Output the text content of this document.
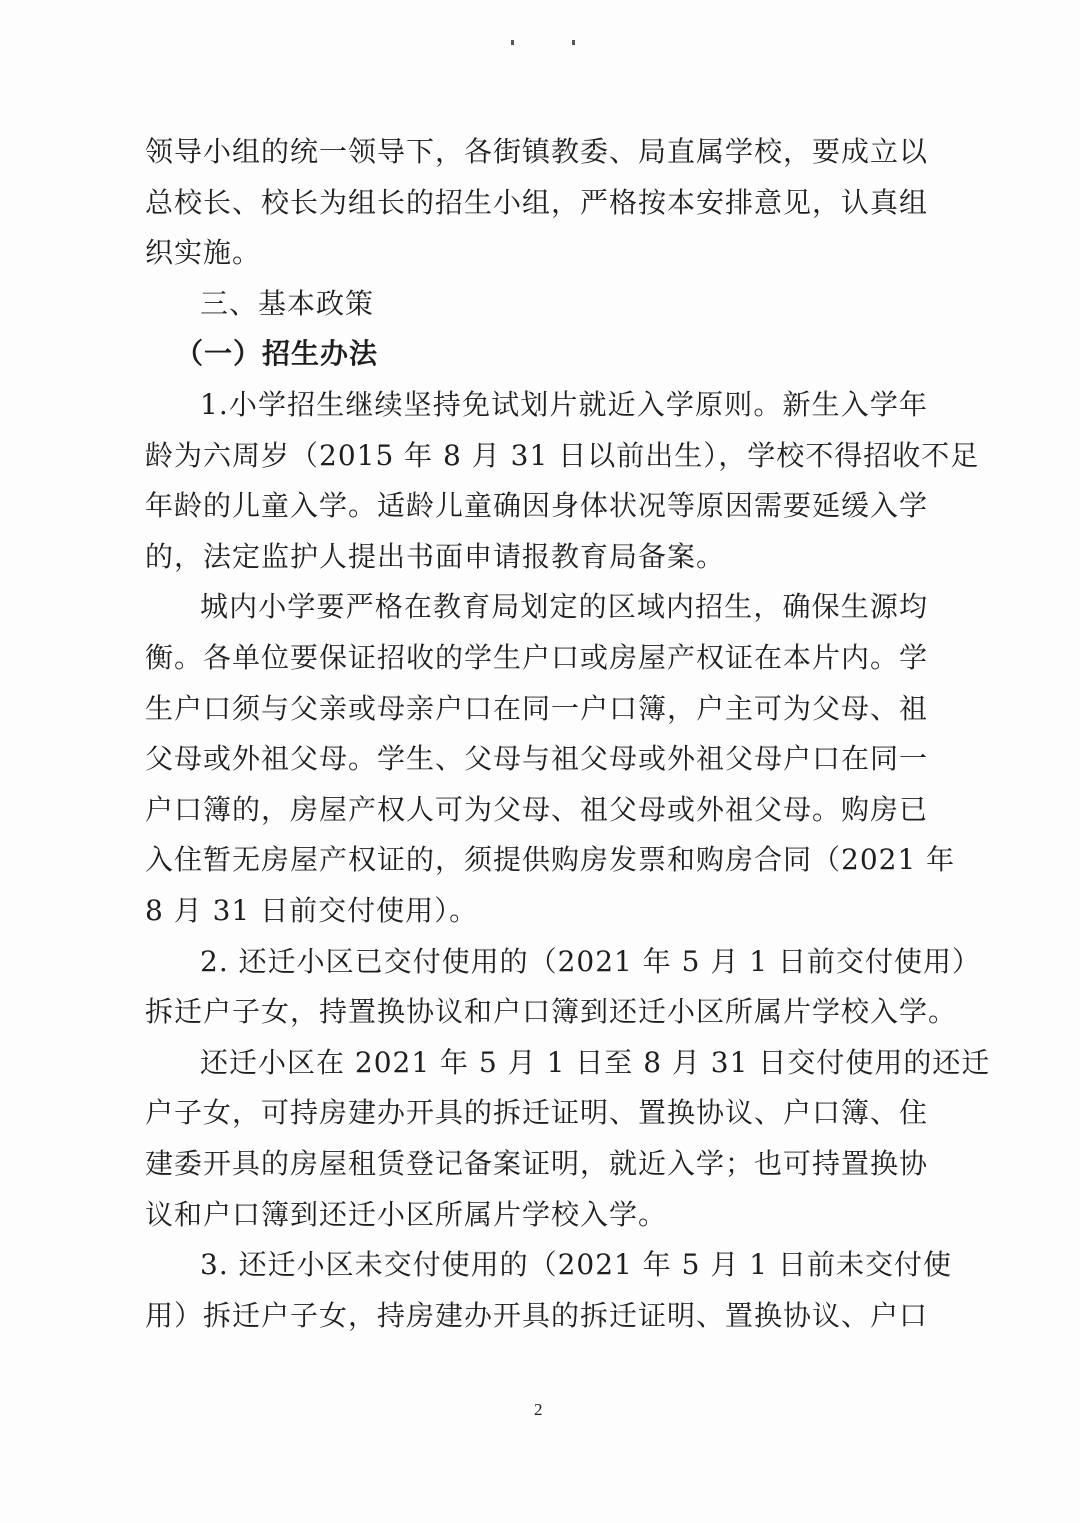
领导小组的统一领导下，各街镇教委、局直属学校，要成立以
总校长、校长为组长的招生小组，严格按本安排意见，认真组
织实施。
三、基本政策
（一）招生办法
1.小学招生继续坚持免试划片就近入学原则。新生入学年
龄为六周岁（2015 年 8 月 31 日以前出生），学校不得招收不足
年龄的儿童入学。适龄儿童确因身体状况等原因需要延缓入学
的，法定监护人提出书面申请报教育局备案。
城内小学要严格在教育局划定的区域内招生，确保生源均
衡。各单位要保证招收的学生户口或房屋产权证在本片内。学
生户口须与父亲或母亲户口在同一户口簿，户主可为父母、祖
父母或外祖父母。学生、父母与祖父母或外祖父母户口在同一
户口簿的，房屋产权人可为父母、祖父母或外祖父母。购房已
入住暂无房屋产权证的，须提供购房发票和购房合同（2021 年
8 月 31 日前交付使用）。
2. 还迁小区已交付使用的（2021 年 5 月 1 日前交付使用）
拆迁户子女，持置换协议和户口簿到还迁小区所属片学校入学。
还迁小区在 2021 年 5 月 1 日至 8 月 31 日交付使用的还迁
户子女，可持房建办开具的拆迁证明、置换协议、户口簿、住
建委开具的房屋租赁登记备案证明，就近入学；也可持置换协
议和户口簿到还迁小区所属片学校入学。
3. 还迁小区未交付使用的（2021 年 5 月 1 日前未交付使
用）拆迁户子女，持房建办开具的拆迁证明、置换协议、户口
2
